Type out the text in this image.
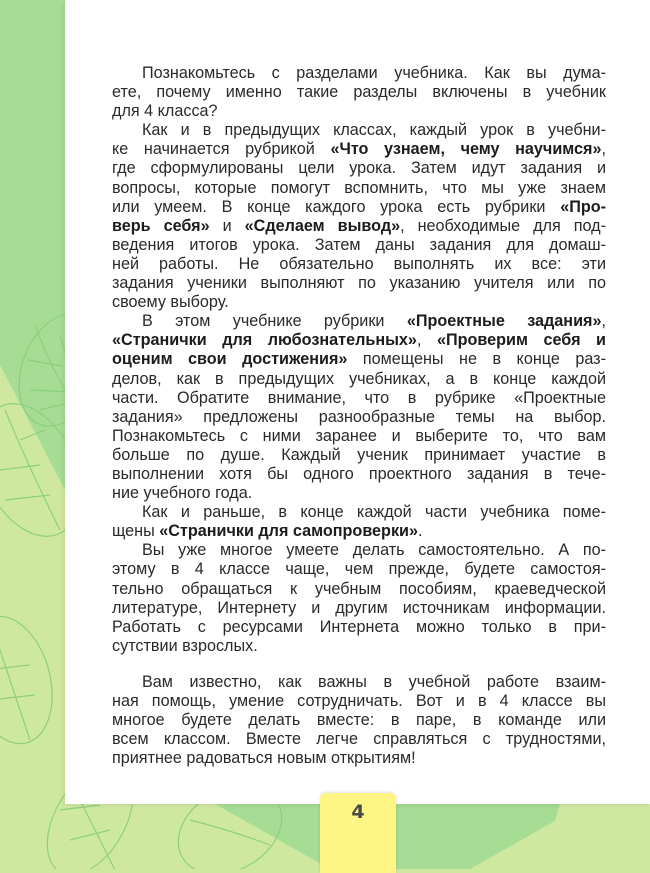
Познакомьтесь с разделами учебника. Как вы дума-
ете, почему именно такие разделы включены в учебник
для 4 класса?
Как и в предыдущих классах, каждый урок в учебни-
ке начинается рубрикой «Что узнаем, чему научимся»,
где сформулированы цели урока. Затем идут задания и
вопросы, которые помогут вспомнить, что мы уже знаем
или умеем. В конце каждого урока есть рубрики «Про-
верь себя» и «Сделаем вывод», необходимые для под-
ведения итогов урока. Затем даны задания для домаш-
ней работы. Не обязательно выполнять их все: эти
задания ученики выполняют по указанию учителя или по
своему выбору.
В этом учебнике рубрики «Проектные задания»,
«Странички для любознательных», «Проверим себя и
оценим свои достижения» помещены не в конце раз-
делов, как в предыдущих учебниках, а в конце каждой
части. Обратите внимание, что в рубрике «Проектные
задания» предложены разнообразные темы на выбор.
Познакомьтесь с ними заранее и выберите то, что вам
больше по душе. Каждый ученик принимает участие в
выполнении хотя бы одного проектного задания в тече-
ние учебного года.
Как и раньше, в конце каждой части учебника поме-
щены «Странички для самопроверки».
Вы уже многое умеете делать самостоятельно. А по-
этому в 4 классе чаще, чем прежде, будете самостоя-
тельно обращаться к учебным пособиям, краеведческой
литературе, Интернету и другим источникам информации.
Работать с ресурсами Интернета можно только в при-
сутствии взрослых.
Вам известно, как важны в учебной работе взаим-
ная помощь, умение сотрудничать. Вот и в 4 классе вы
многое будете делать вместе: в паре, в команде или
всем классом. Вместе легче справляться с трудностями,
приятнее радоваться новым открытиям!
4
